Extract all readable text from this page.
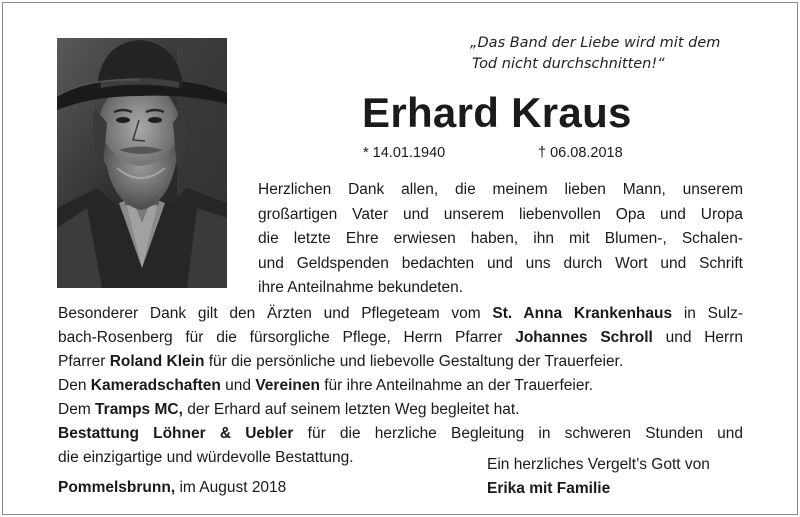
„Das Band der Liebe wird mit dem
Tod nicht durchschnitten!“
Erhard Kraus
* 14.01.1940	† 06.08.2018
Herzlichen Dank allen, die meinem lieben Mann, unserem
großartigen Vater und unserem liebenvollen Opa und Uropa
die letzte Ehre erwiesen haben, ihn mit Blumen-, Schalen-
und Geldspenden bedachten und uns durch Wort und Schrift
ihre Anteilnahme bekundeten.
Besonderer Dank gilt den Ärzten und Pflegeteam vom St. Anna Krankenhaus in Sulz-
bach-Rosenberg für die fürsorgliche Pflege, Herrn Pfarrer Johannes Schroll und Herrn
Pfarrer Roland Klein für die persönliche und liebevolle Gestaltung der Trauerfeier.
Den Kameradschaften und Vereinen für ihre Anteilnahme an der Trauerfeier.
Dem Tramps MC, der Erhard auf seinem letzten Weg begleitet hat.
Bestattung Löhner & Uebler für die herzliche Begleitung in schweren Stunden und
die einzigartige und würdevolle Bestattung.
Pommelsbrunn, im August 2018
Ein herzliches Vergelt’s Gott von
Erika mit Familie
